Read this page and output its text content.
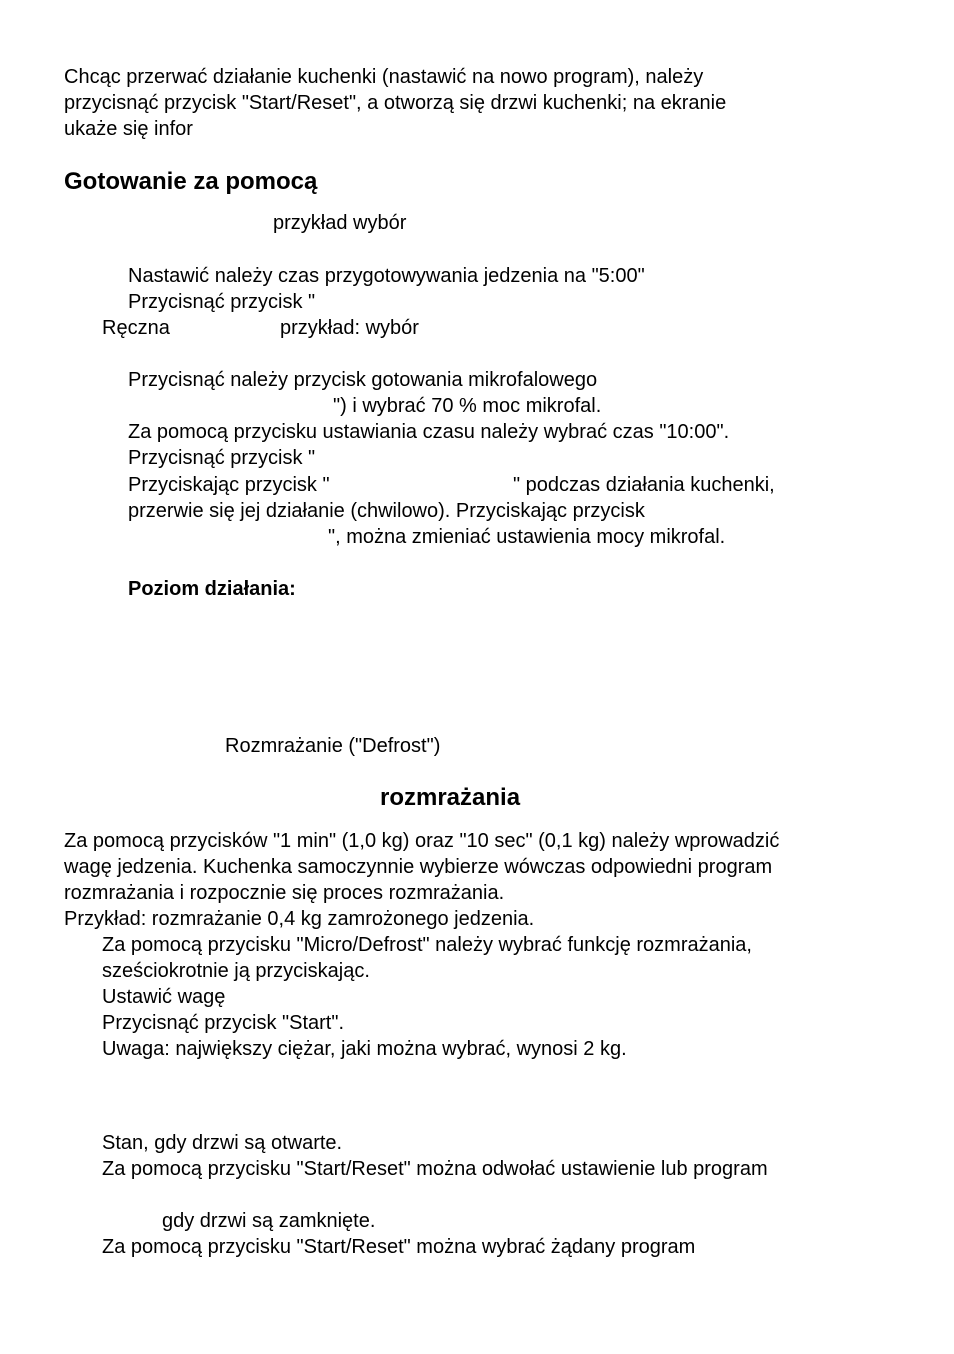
Chcąc przerwać działanie kuchenki (nastawić na nowo program), należy
przycisnąć przycisk "Start/Reset", a otworzą się drzwi kuchenki; na ekranie
ukaże się infor
Gotowanie za pomocą
przykład wybór
Nastawić należy czas przygotowywania jedzenia na "5:00"
Przycisnąć przycisk "
Ręczna	przykład: wybór
Przycisnąć należy przycisk gotowania mikrofalowego
") i wybrać 70 % moc mikrofal.
Za pomocą przycisku ustawiania czasu należy wybrać czas "10:00".
Przycisnąć przycisk "
Przyciskając przycisk "	" podczas działania kuchenki,
przerwie się jej działanie (chwilowo). Przyciskając przycisk
", można zmieniać ustawienia mocy mikrofal.
Poziom działania:
Rozmrażanie ("Defrost")
rozmrażania
Za pomocą przycisków "1 min" (1,0 kg) oraz "10 sec" (0,1 kg) należy wprowadzić
wagę jedzenia. Kuchenka samoczynnie wybierze wówczas odpowiedni program
rozmrażania i rozpocznie się proces rozmrażania.
Przykład: rozmrażanie 0,4 kg zamrożonego jedzenia.
Za pomocą przycisku "Micro/Defrost" należy wybrać funkcję rozmrażania,
sześciokrotnie ją przyciskając.
Ustawić wagę
Przycisnąć przycisk "Start".
Uwaga: największy ciężar, jaki można wybrać, wynosi 2 kg.
Stan, gdy drzwi są otwarte.
Za pomocą przycisku "Start/Reset" można odwołać ustawienie lub program
gdy drzwi są zamknięte.
Za pomocą przycisku "Start/Reset" można wybrać żądany program
